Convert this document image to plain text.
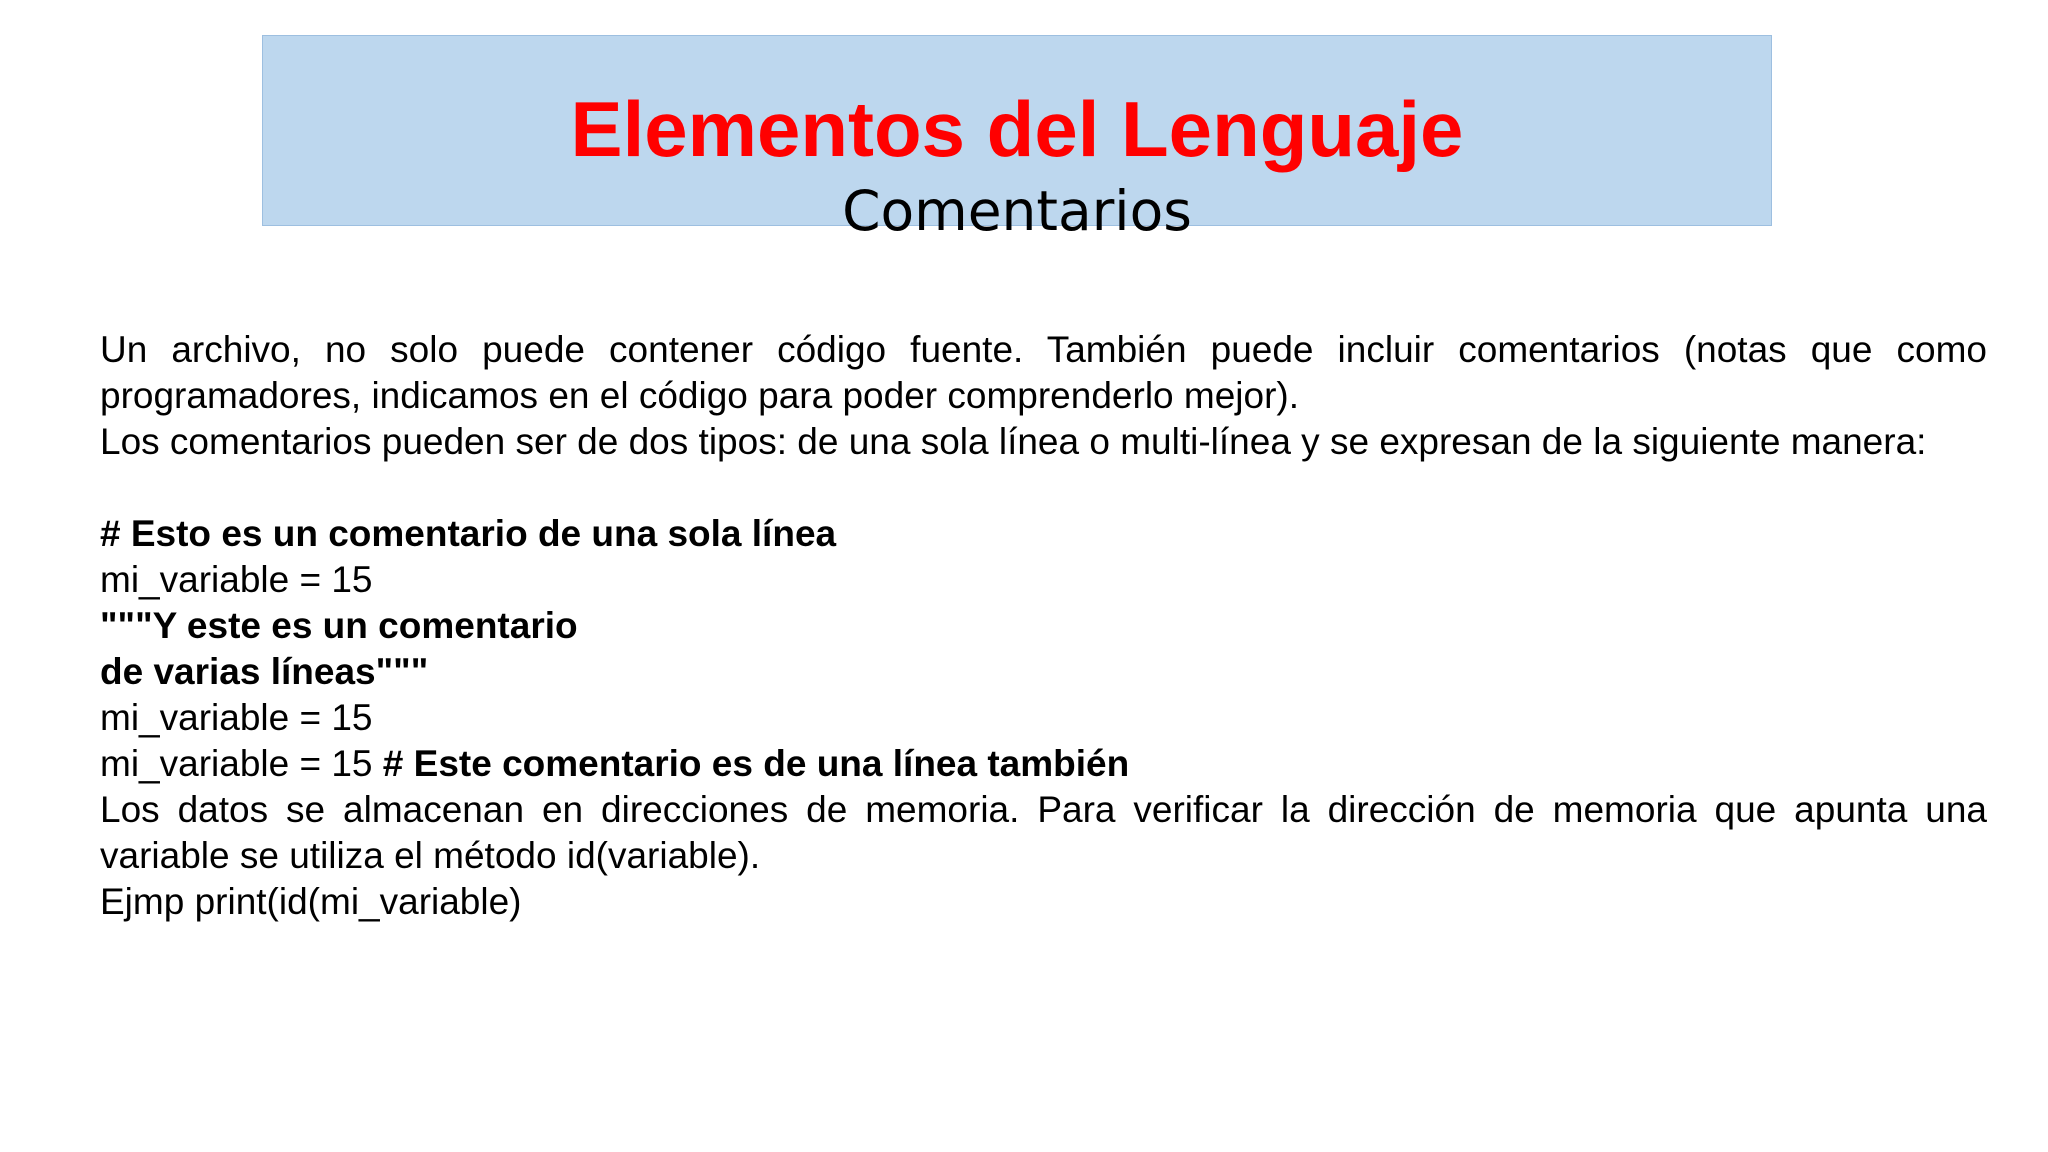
Elementos del Lenguaje
Comentarios

Un archivo, no solo puede contener código fuente. También puede incluir comentarios (notas que como programadores, indicamos en el código para poder comprenderlo mejor).

Los comentarios pueden ser de dos tipos: de una sola línea o multi-línea y se expresan de la siguiente manera:

# Esto es un comentario de una sola línea

mi_variable = 15

"""Y este es un comentario

de varias líneas"""

mi_variable = 15

mi_variable = 15 # Este comentario es de una línea también

Los datos se almacenan en direcciones de memoria. Para verificar la dirección de memoria que apunta una variable se utiliza el método id(variable).

Ejmp print(id(mi_variable)
